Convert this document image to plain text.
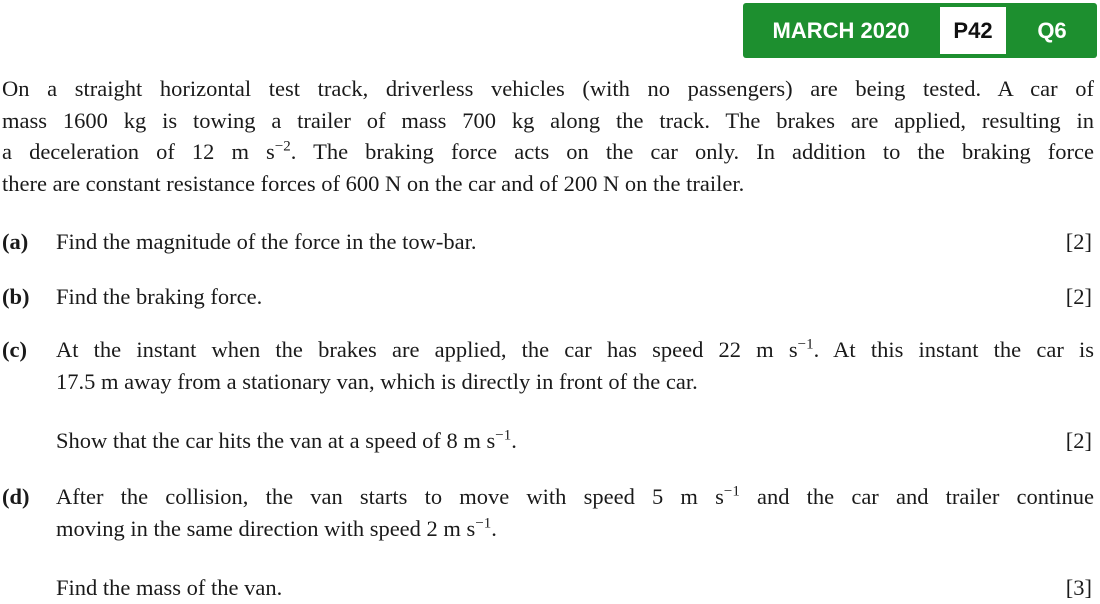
MARCH 2020	P42	Q6
On a straight horizontal test track, driverless vehicles (with no passengers) are being tested. A car of
mass 1600 kg is towing a trailer of mass 700 kg along the track. The brakes are applied, resulting in
a deceleration of 12 m $s^{-2}$. The braking force acts on the car only. In addition to the braking force
there are constant resistance forces of 600 N on the car and of 200 N on the trailer.
(a) Find the magnitude of the force in the tow-bar.	[2]
(b) Find the braking force.	[2]
(c) At the instant when the brakes are applied, the car has speed 22 m $s^{-1}$. At this instant the car is
17.5 m away from a stationary van, which is directly in front of the car.
Show that the car hits the van at a speed of 8 m $s^{-1}$.	[2]
(d) After the collision, the van starts to move with speed 5 m $s^{-1}$ and the car and trailer continue
moving in the same direction with speed 2 m $s^{-1}$.
Find the mass of the van.	[3]
